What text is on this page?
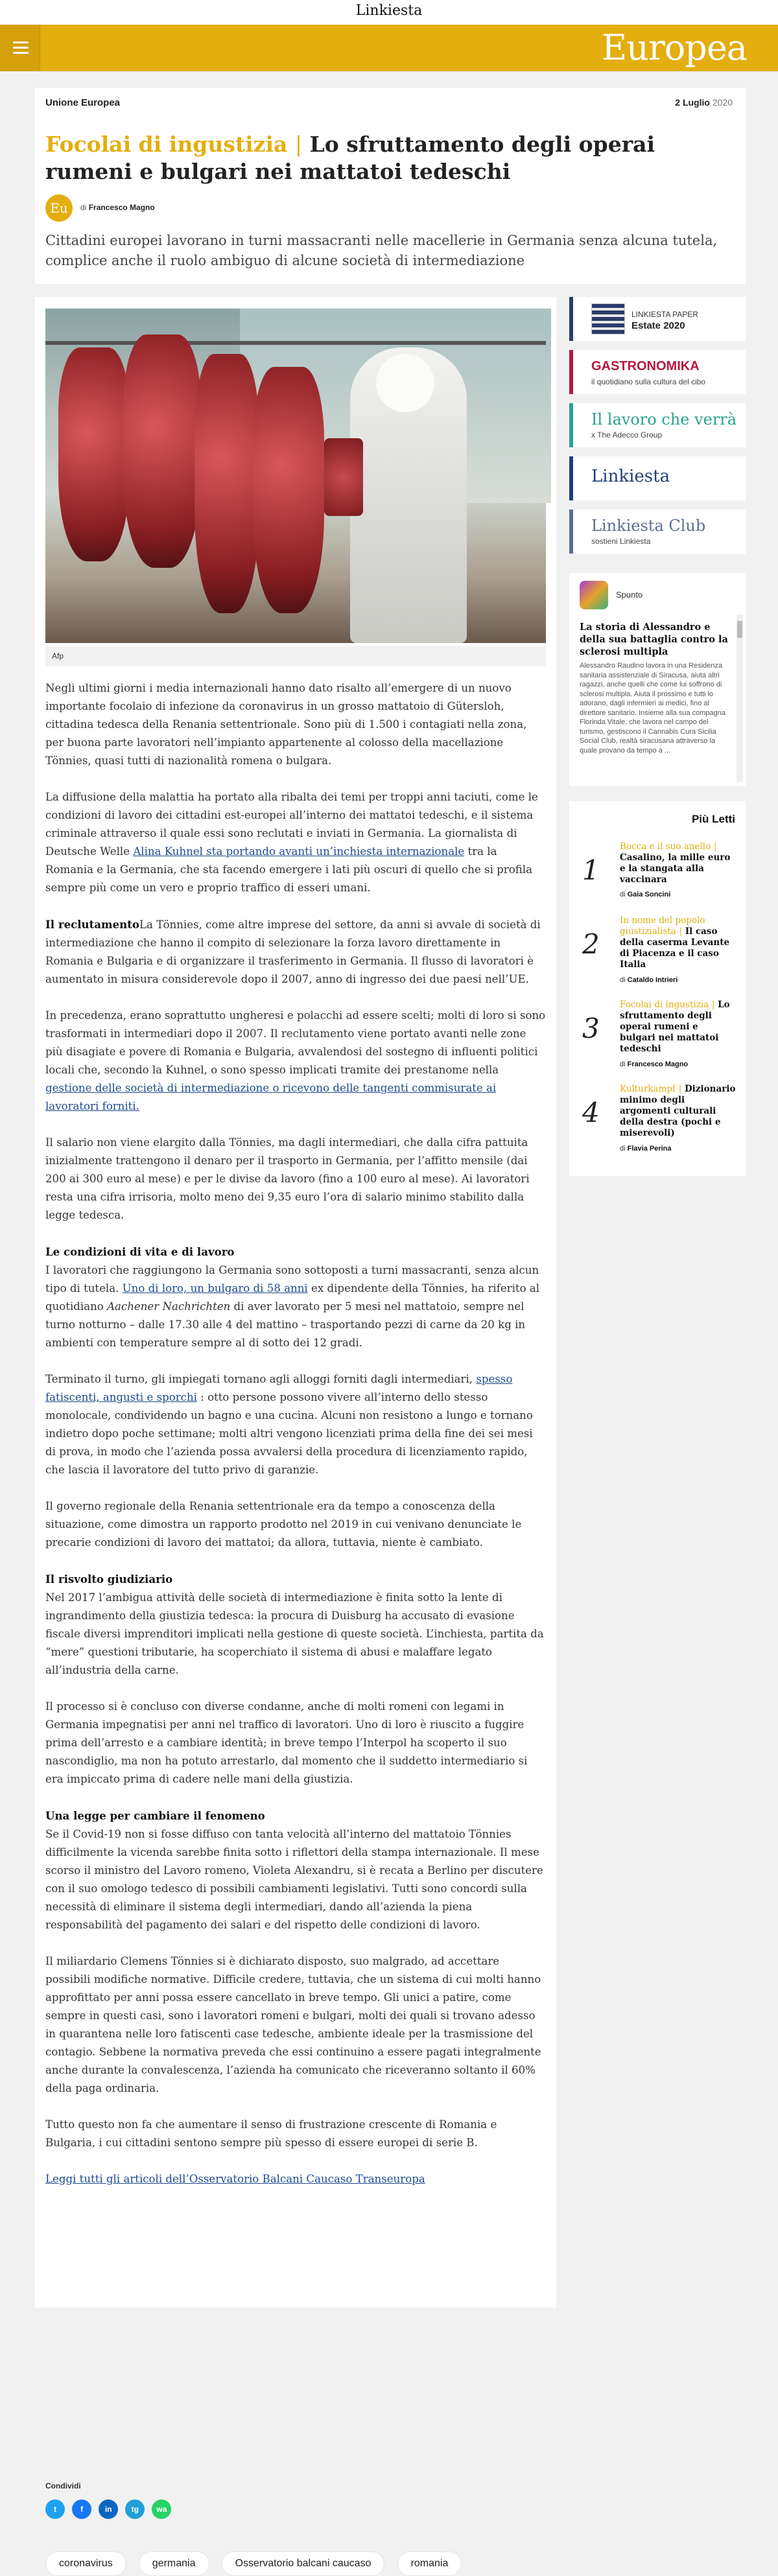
Linkiesta
Europea
Unione Europea	2 Luglio 2020
Focolai di ingustizia | Lo sfruttamento degli operai rumeni e bulgari nei mattatoi tedeschi
Eu	di Francesco Magno

Cittadini europei lavorano in turni massacranti nelle macellerie in Germania senza alcuna tutela, complice anche il ruolo ambiguo di alcune società di intermediazione

Afp

Negli ultimi giorni i media internazionali hanno dato risalto all’emergere di un nuovo importante focolaio di infezione da coronavirus in un grosso mattatoio di Gütersloh, cittadina tedesca della Renania settentrionale. Sono più di 1.500 i contagiati nella zona, per buona parte lavoratori nell’impianto appartenente al colosso della macellazione Tönnies, quasi tutti di nazionalità romena o bulgara.

La diffusione della malattia ha portato alla ribalta dei temi per troppi anni taciuti, come le condizioni di lavoro dei cittadini est-europei all’interno dei mattatoi tedeschi, e il sistema criminale attraverso il quale essi sono reclutati e inviati in Germania. La giornalista di Deutsche Welle Alina Kuhnel sta portando avanti un’inchiesta internazionale tra la Romania e la Germania, che sta facendo emergere i lati più oscuri di quello che si profila sempre più come un vero e proprio traffico di esseri umani.

Il reclutamentoLa Tönnies, come altre imprese del settore, da anni si avvale di società di intermediazione che hanno il compito di selezionare la forza lavoro direttamente in Romania e Bulgaria e di organizzare il trasferimento in Germania. Il flusso di lavoratori è aumentato in misura considerevole dopo il 2007, anno di ingresso dei due paesi nell’UE.

In precedenza, erano soprattutto ungheresi e polacchi ad essere scelti; molti di loro si sono trasformati in intermediari dopo il 2007. Il reclutamento viene portato avanti nelle zone più disagiate e povere di Romania e Bulgaria, avvalendosi del sostegno di influenti politici locali che, secondo la Kuhnel, o sono spesso implicati tramite dei prestanome nella gestione delle società di intermediazione o ricevono delle tangenti commisurate ai lavoratori forniti.

Il salario non viene elargito dalla Tönnies, ma dagli intermediari, che dalla cifra pattuita inizialmente trattengono il denaro per il trasporto in Germania, per l’affitto mensile (dai 200 ai 300 euro al mese) e per le divise da lavoro (fino a 100 euro al mese). Ai lavoratori resta una cifra irrisoria, molto meno dei 9,35 euro l’ora di salario minimo stabilito dalla legge tedesca.

Le condizioni di vita e di lavoro
I lavoratori che raggiungono la Germania sono sottoposti a turni massacranti, senza alcun tipo di tutela. Uno di loro, un bulgaro di 58 anni ex dipendente della Tönnies, ha riferito al quotidiano Aachener Nachrichten di aver lavorato per 5 mesi nel mattatoio, sempre nel turno notturno – dalle 17.30 alle 4 del mattino – trasportando pezzi di carne da 20 kg in ambienti con temperature sempre al di sotto dei 12 gradi.

Terminato il turno, gli impiegati tornano agli alloggi forniti dagli intermediari, spesso fatiscenti, angusti e sporchi : otto persone possono vivere all’interno dello stesso monolocale, condividendo un bagno e una cucina. Alcuni non resistono a lungo e tornano indietro dopo poche settimane; molti altri vengono licenziati prima della fine dei sei mesi di prova, in modo che l’azienda possa avvalersi della procedura di licenziamento rapido, che lascia il lavoratore del tutto privo di garanzie.

Il governo regionale della Renania settentrionale era da tempo a conoscenza della situazione, come dimostra un rapporto prodotto nel 2019 in cui venivano denunciate le precarie condizioni di lavoro dei mattatoi; da allora, tuttavia, niente è cambiato.

Il risvolto giudiziario
Nel 2017 l’ambigua attività delle società di intermediazione è finita sotto la lente di ingrandimento della giustizia tedesca: la procura di Duisburg ha accusato di evasione fiscale diversi imprenditori implicati nella gestione di queste società. L’inchiesta, partita da “mere” questioni tributarie, ha scoperchiato il sistema di abusi e malaffare legato all’industria della carne.

Il processo si è concluso con diverse condanne, anche di molti romeni con legami in Germania impegnatisi per anni nel traffico di lavoratori. Uno di loro è riuscito a fuggire prima dell’arresto e a cambiare identità; in breve tempo l’Interpol ha scoperto il suo nascondiglio, ma non ha potuto arrestarlo, dal momento che il suddetto intermediario si era impiccato prima di cadere nelle mani della giustizia.

Una legge per cambiare il fenomeno
Se il Covid-19 non si fosse diffuso con tanta velocità all’interno del mattatoio Tönnies difficilmente la vicenda sarebbe finita sotto i riflettori della stampa internazionale. Il mese scorso il ministro del Lavoro romeno, Violeta Alexandru, si è recata a Berlino per discutere con il suo omologo tedesco di possibili cambiamenti legislativi. Tutti sono concordi sulla necessità di eliminare il sistema degli intermediari, dando all’azienda la piena responsabilità del pagamento dei salari e del rispetto delle condizioni di lavoro.

Il miliardario Clemens Tönnies si è dichiarato disposto, suo malgrado, ad accettare possibili modifiche normative. Difficile credere, tuttavia, che un sistema di cui molti hanno approfittato per anni possa essere cancellato in breve tempo. Gli unici a patire, come sempre in questi casi, sono i lavoratori romeni e bulgari, molti dei quali si trovano adesso in quarantena nelle loro fatiscenti case tedesche, ambiente ideale per la trasmissione del contagio. Sebbene la normativa preveda che essi continuino a essere pagati integralmente anche durante la convalescenza, l’azienda ha comunicato che riceveranno soltanto il 60% della paga ordinaria.

Tutto questo non fa che aumentare il senso di frustrazione crescente di Romania e Bulgaria, i cui cittadini sentono sempre più spesso di essere europei di serie B.

Leggi tutti gli articoli dell’Osservatorio Balcani Caucaso Transeuropa

Condividi
t	f	in	tg wa
coronavirus	germania	Osservatorio balcani caucaso	romania
LINKIESTA PAPER
Estate 2020
GASTRONOMIKA
il quotidiano sulla cultura del cibo
Il lavoro che verrà
x The Adecco Group
Linkiesta
Linkiesta Club
sostieni Linkiesta
Spunto
La storia di Alessandro e della sua battaglia contro la sclerosi multipla
Alessandro Raudino lavora in una Residenza sanitaria assistenziale di Siracusa, aiuta altri ragazzi, anche quelli che come lui soffrono di sclerosi multipla. Aiuta il prossimo e tutti lo adorano, dagli infermieri ai medici, fino al direttore sanitario. Insieme alla sua compagna Florinda Vitale, che lavora nel campo del turismo, gestiscono il Cannabis Cura Sicilia Social Club, realtà siracusana attraverso la quale provano da tempo a ...
Più Letti
1
Bocca e il suo anello | Casalino, la mille euro e la stangata alla vaccinara
di Gaia Soncini
2
In nome del popolo giustizialista | Il caso della caserma Levante di Piacenza e il caso Italia
di Cataldo Intrieri
3
Focolai di ingustizia | Lo sfruttamento degli operai rumeni e bulgari nei mattatoi tedeschi
di Francesco Magno
4
Kulturkampf | Dizionario minimo degli argomenti culturali della destra (pochi e miserevoli)
di Flavia Perina
